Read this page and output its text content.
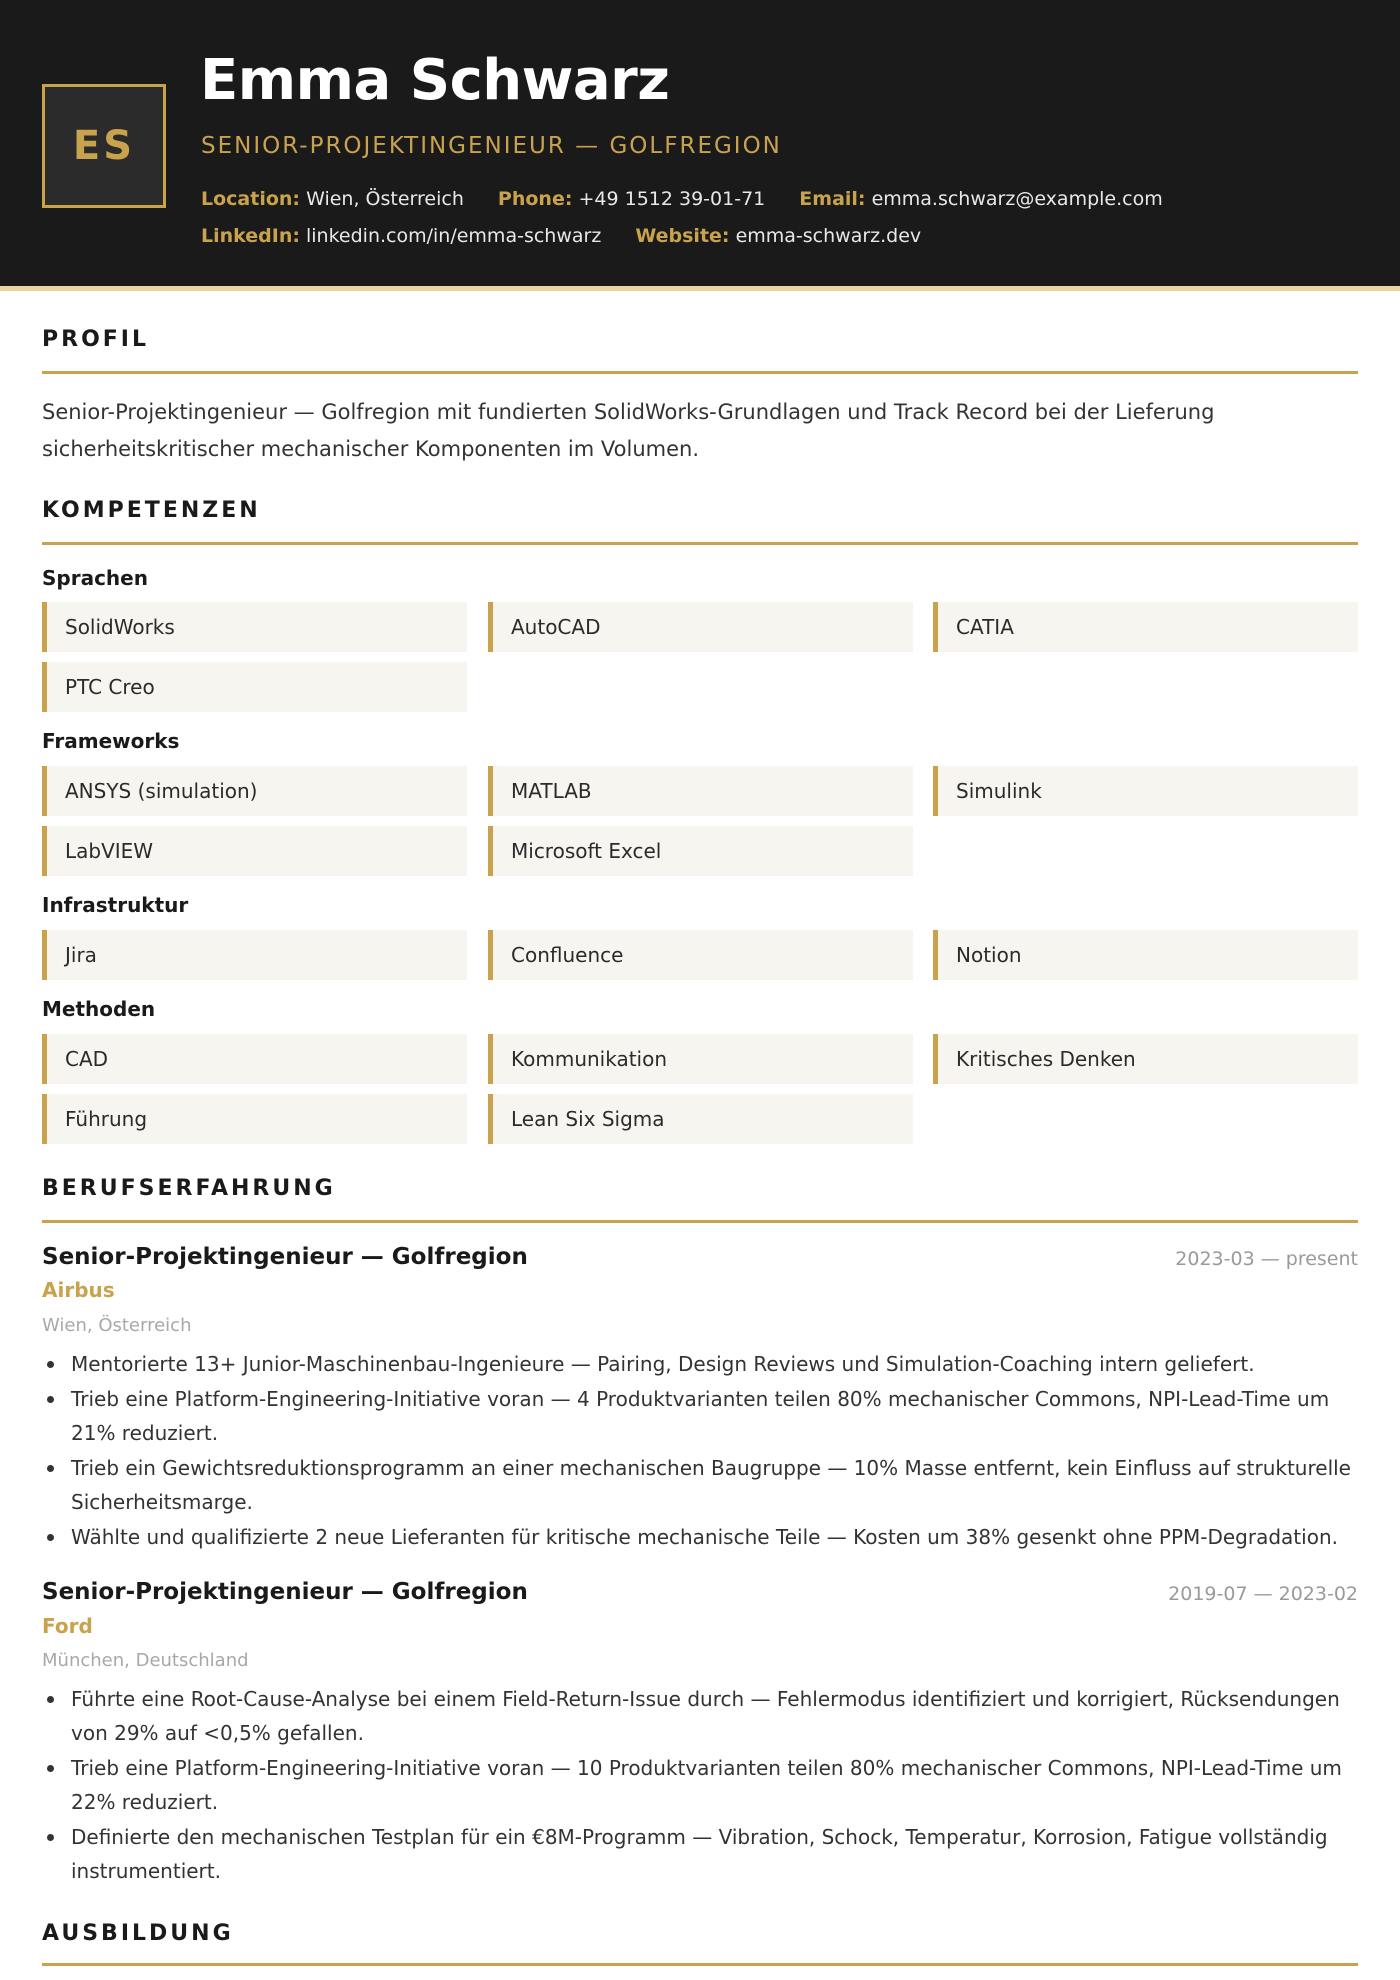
ES
Emma Schwarz
SENIOR-PROJEKTINGENIEUR — GOLFREGION
Location: Wien, Österreich Phone: +49 1512 39-01-71 Email: emma.schwarz@example.com
LinkedIn: linkedin.com/in/emma-schwarz Website: emma-schwarz.dev
PROFIL
Senior-Projektingenieur — Golfregion mit fundierten SolidWorks-Grundlagen und Track Record bei der Lieferung sicherheitskritischer mechanischer Komponenten im Volumen.
KOMPETENZEN
Sprachen
SolidWorks	AutoCAD	CATIA
PTC Creo
Frameworks
ANSYS (simulation)	MATLAB	Simulink
LabVIEW	Microsoft Excel
Infrastruktur
Jira	Confluence	Notion
Methoden
CAD	Kommunikation	Kritisches Denken
Führung	Lean Six Sigma
BERUFSERFAHRUNG
Senior-Projektingenieur — Golfregion	2023-03 — present
Airbus
Wien, Österreich
Mentorierte 13+ Junior-Maschinenbau-Ingenieure — Pairing, Design Reviews und Simulation-Coaching intern geliefert.
Trieb eine Platform-Engineering-Initiative voran — 4 Produktvarianten teilen 80% mechanischer Commons, NPI-Lead-Time um 21% reduziert.
Trieb ein Gewichtsreduktionsprogramm an einer mechanischen Baugruppe — 10% Masse entfernt, kein Einfluss auf strukturelle Sicherheitsmarge.
Wählte und qualifizierte 2 neue Lieferanten für kritische mechanische Teile — Kosten um 38% gesenkt ohne PPM-Degradation.
Senior-Projektingenieur — Golfregion	2019-07 — 2023-02
Ford
München, Deutschland
Führte eine Root-Cause-Analyse bei einem Field-Return-Issue durch — Fehlermodus identifiziert und korrigiert, Rücksendungen von 29% auf <0,5% gefallen.
Trieb eine Platform-Engineering-Initiative voran — 10 Produktvarianten teilen 80% mechanischer Commons, NPI-Lead-Time um 22% reduziert.
Definierte den mechanischen Testplan für ein €8M-Programm — Vibration, Schock, Temperatur, Korrosion, Fatigue vollständig instrumentiert.
AUSBILDUNG
